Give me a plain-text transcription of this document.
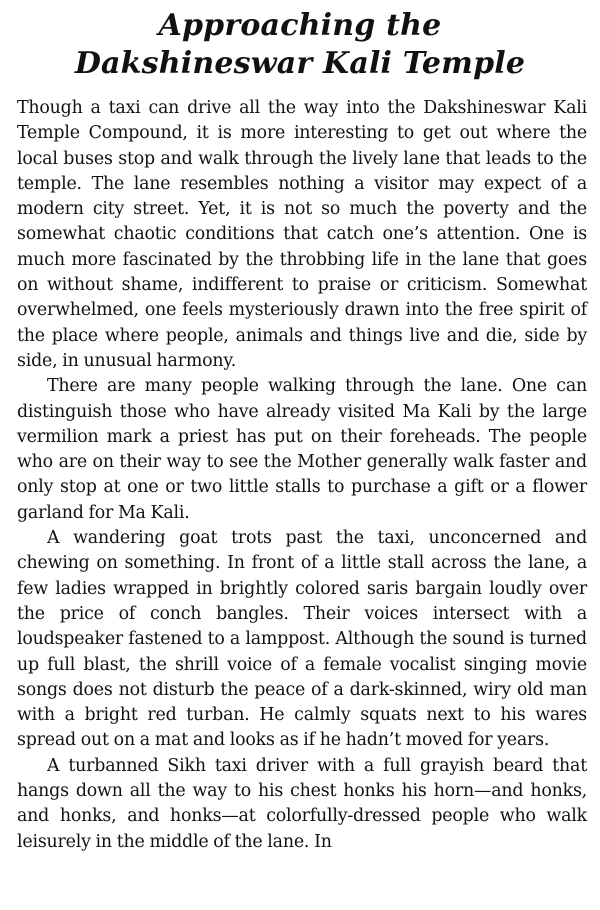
Approaching the
Dakshineswar Kali Temple

Though a taxi can drive all the way into the Dakshineswar Kali Temple Compound, it is more interesting to get out where the local buses stop and walk through the lively lane that leads to the temple. The lane resembles nothing a visitor may expect of a modern city street. Yet, it is not so much the poverty and the somewhat chaotic conditions that catch one’s attention. One is much more fascinated by the throbbing life in the lane that goes on without shame, indifferent to praise or criticism. Somewhat overwhelmed, one feels mysteriously drawn into the free spirit of the place where people, animals and things live and die, side by side, in unusual harmony.

There are many people walking through the lane. One can distinguish those who have already visited Ma Kali by the large vermilion mark a priest has put on their foreheads. The people who are on their way to see the Mother generally walk faster and only stop at one or two little stalls to purchase a gift or a flower garland for Ma Kali.

A wandering goat trots past the taxi, unconcerned and chewing on something. In front of a little stall across the lane, a few ladies wrapped in brightly colored saris bargain loudly over the price of conch bangles. Their voices intersect with a loudspeaker fastened to a lamppost. Although the sound is turned up full blast, the shrill voice of a female vocalist singing movie songs does not disturb the peace of a dark-skinned, wiry old man with a bright red turban. He calmly squats next to his wares spread out on a mat and looks as if he hadn’t moved for years.

A turbanned Sikh taxi driver with a full grayish beard that hangs down all the way to his chest honks his horn—and honks, and honks, and honks—at colorfully-dressed people who walk leisurely in the middle of the lane. In
